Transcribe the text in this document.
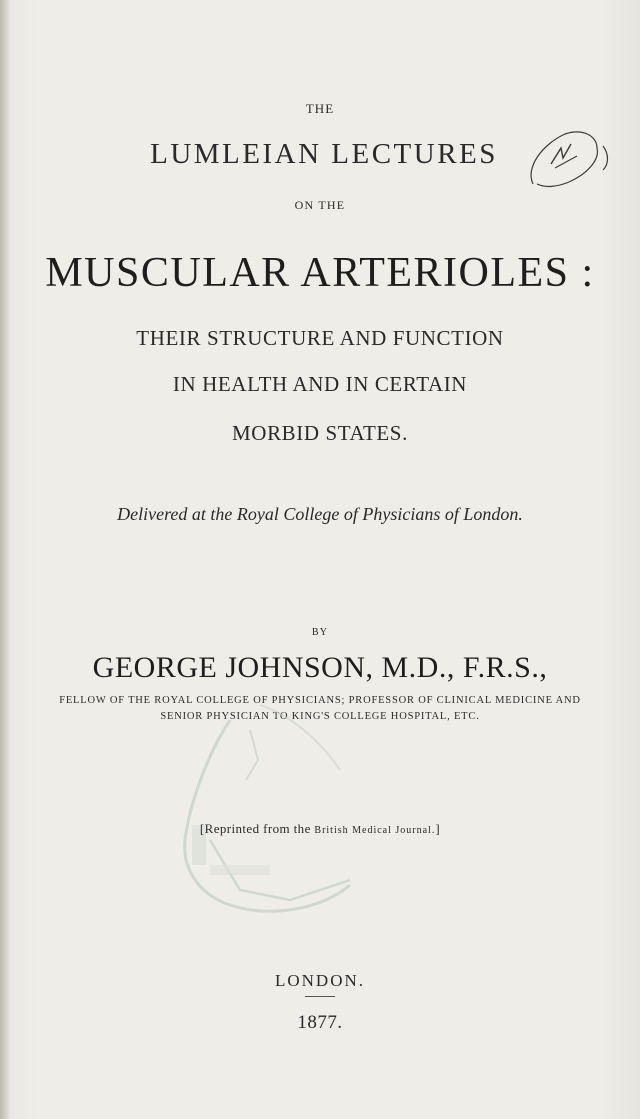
THE
LUMLEIAN LECTURES
ON THE
MUSCULAR ARTERIOLES :
THEIR STRUCTURE AND FUNCTION
IN HEALTH AND IN CERTAIN
MORBID STATES.
Delivered at the Royal College of Physicians of London.
BY
GEORGE JOHNSON, M.D., F.R.S.,
FELLOW OF THE ROYAL COLLEGE OF PHYSICIANS; PROFESSOR OF CLINICAL MEDICINE AND
SENIOR PHYSICIAN TO KING'S COLLEGE HOSPITAL, ETC.
[Reprinted from the British Medical Journal.]
LONDON.
1877.
